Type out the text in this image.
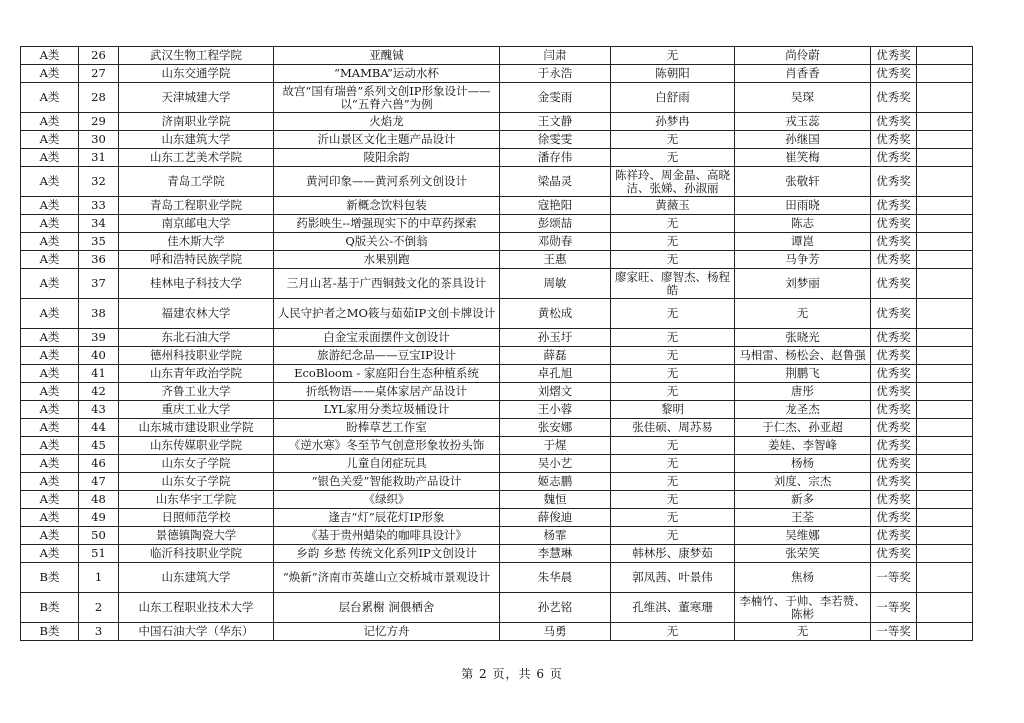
A类	26	武汉生物工程学院	亚醜铖	闫肃	无	尚伶蔚	优秀奖	
A类	27	山东交通学院	“MAMBA”运动水杯	于永浩	陈朝阳	肖香香	优秀奖	
A类	28	天津城建大学	故宫“国有瑞兽”系列文创IP形象设计——以“五脊六兽”为例	金雯雨	白舒雨	吴琛	优秀奖	
A类	29	济南职业学院	火焰龙	王文静	孙梦冉	戎玉蕊	优秀奖	
A类	30	山东建筑大学	沂山景区文化主题产品设计	徐雯雯	无	孙继国	优秀奖	
A类	31	山东工艺美术学院	陵阳余韵	潘存伟	无	崔笑梅	优秀奖	
A类	32	青岛工学院	黄河印象——黄河系列文创设计	梁晶灵	陈祥玲、周金晶、高晓洁、张娣、孙淑丽	张敬轩	优秀奖	
A类	33	青岛工程职业学院	新概念饮料包装	寇艳阳	黄薇玉	田雨晓	优秀奖	
A类	34	南京邮电大学	药影映生--增强现实下的中草药探索	彭颂喆	无	陈志	优秀奖	
A类	35	佳木斯大学	Q版关公-不倒翁	邓勋春	无	谭崑	优秀奖	
A类	36	呼和浩特民族学院	水果别跑	王惠	无	马争芳	优秀奖	
A类	37	桂林电子科技大学	三月山茗-基于广西铜鼓文化的茶具设计	周敏	廖家旺、廖智杰、杨程皓	刘梦丽	优秀奖	
A类	38	福建农林大学	人民守护者之MO筱与茹茹IP文创卡牌设计	黄松成	无	无	优秀奖	
A类	39	东北石油大学	白金宝汞面摆件文创设计	孙玉圩	无	张晓光	优秀奖	
A类	40	德州科技职业学院	旅游纪念品——豆宝IP设计	薛磊	无	马相雷、杨松会、赵鲁强	优秀奖	
A类	41	山东青年政治学院	EcoBloom - 家庭阳台生态种植系统	卓孔旭	无	荆鹏飞	优秀奖	
A类	42	齐鲁工业大学	折纸物语——桌体家居产品设计	刘熠文	无	唐彤	优秀奖	
A类	43	重庆工业大学	LYL家用分类垃圾桶设计	王小蓉	黎明	龙圣杰	优秀奖	
A类	44	山东城市建设职业学院	盼棒草艺工作室	张安娜	张佳硕、周苏易	于仁杰、孙亚超	优秀奖	
A类	45	山东传媒职业学院	《逆水寒》冬至节气创意形象妆扮头饰	于煋	无	姜娃、李智峰	优秀奖	
A类	46	山东女子学院	儿童自闭症玩具	吴小艺	无	杨杨	优秀奖	
A类	47	山东女子学院	“银色关爱”智能救助产品设计	姬志鹏	无	刘度、宗杰	优秀奖	
A类	48	山东华宇工学院	《绿织》	魏恒	无	新多	优秀奖	
A类	49	日照师范学校	逢吉“灯”辰花灯IP形象	薛俊迪	无	王荃	优秀奖	
A类	50	景德镇陶瓷大学	《基于贵州蜡染的咖啡具设计》	杨霏	无	吴维娜	优秀奖	
A类	51	临沂科技职业学院	乡韵 乡愁 传统文化系列IP文创设计	李慧琳	韩林彤、康梦茹	张荣笑	优秀奖	
B类	1	山东建筑大学	“焕新”济南市英雄山立交桥城市景观设计	朱华晨	郭凤茜、叶景伟	焦杨	一等奖	
B类	2	山东工程职业技术大学	层台累榭 涧偎栖舍	孙艺铭	孔维淇、董寒珊	李楠竹、于帅、李若赞、陈彬	一等奖	
B类	3	中国石油大学（华东）	记忆方舟	马勇	无	无	一等奖	
第 2 页，共 6 页
